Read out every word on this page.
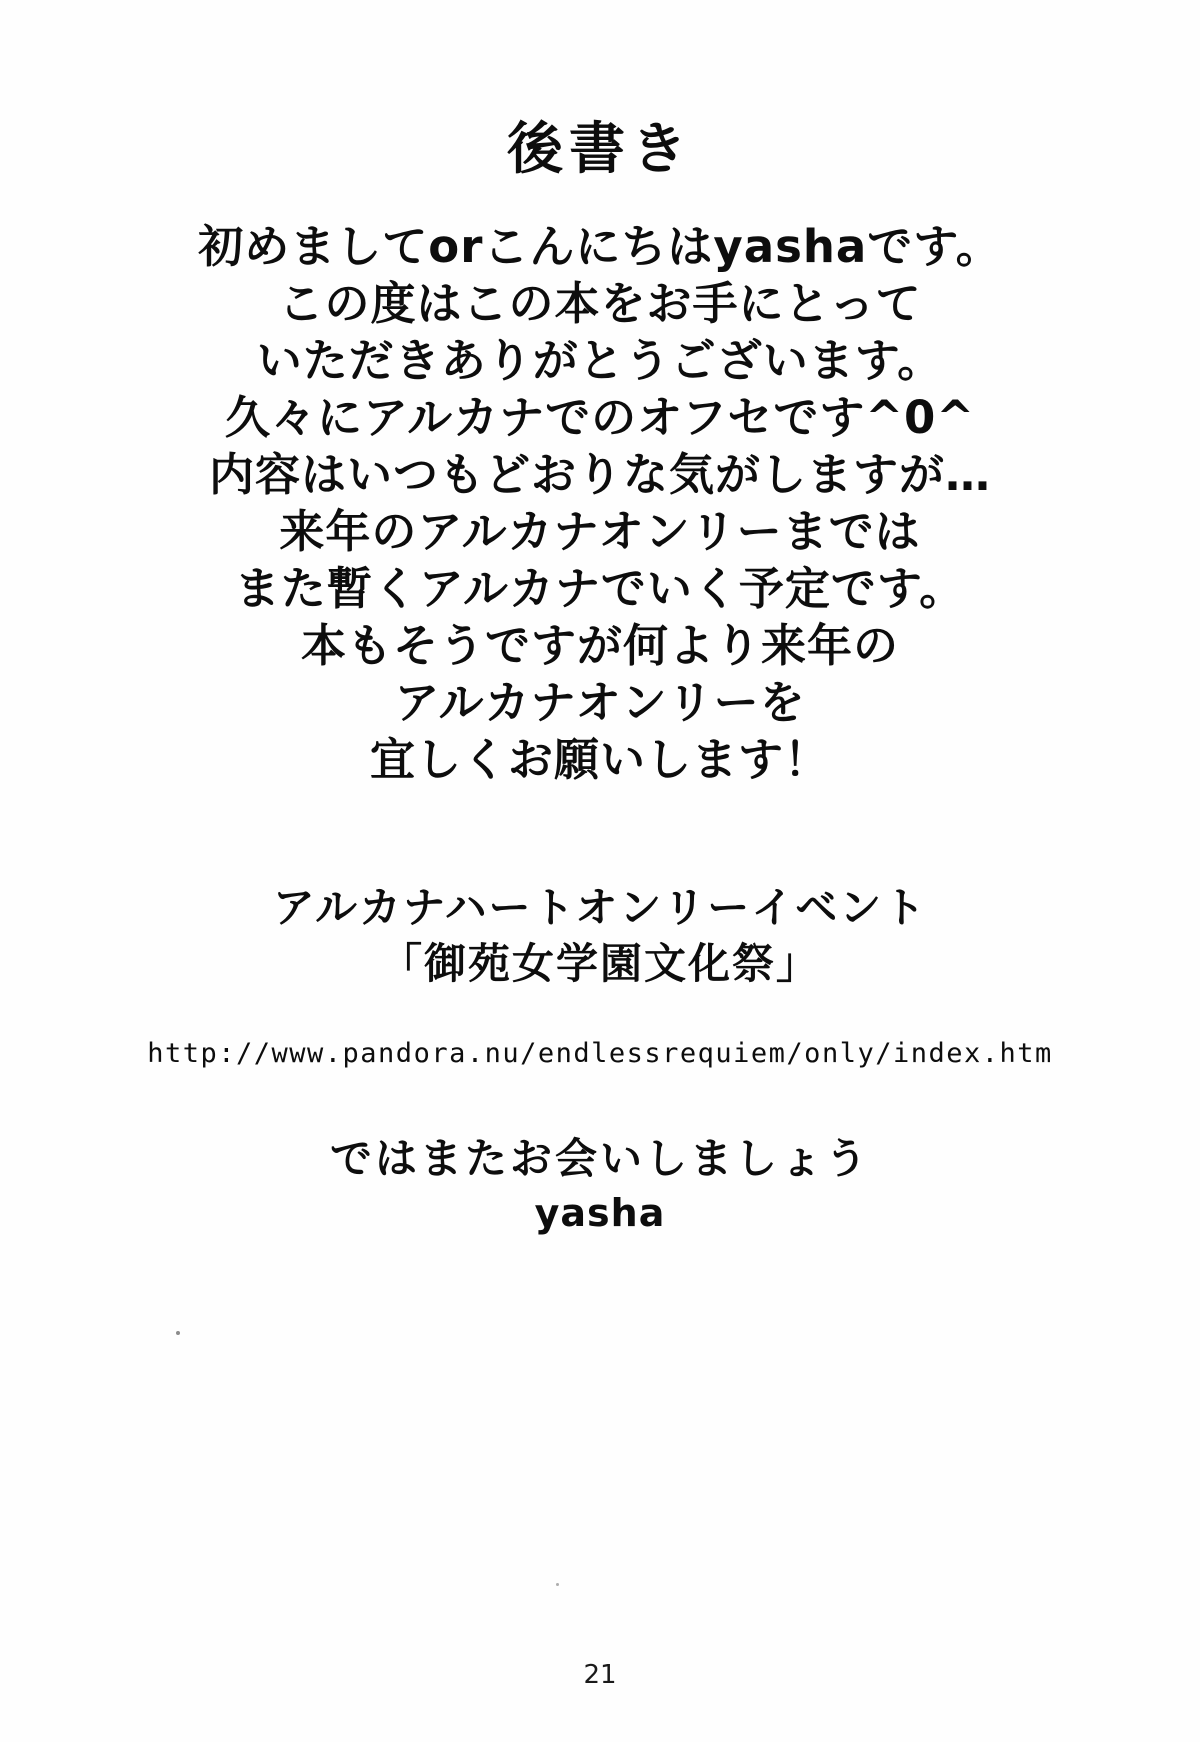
後書き
初めましてorこんにちはyashaです。
この度はこの本をお手にとって
いただきありがとうございます。
久々にアルカナでのオフセです^0^
内容はいつもどおりな気がしますが…
来年のアルカナオンリーまでは
また暫くアルカナでいく予定です。
本もそうですが何より来年の
アルカナオンリーを
宜しくお願いします！
アルカナハートオンリーイベント
「御苑女学園文化祭」
http://www.pandora.nu/endlessrequiem/only/index.htm
ではまたお会いしましょう
yasha
21
